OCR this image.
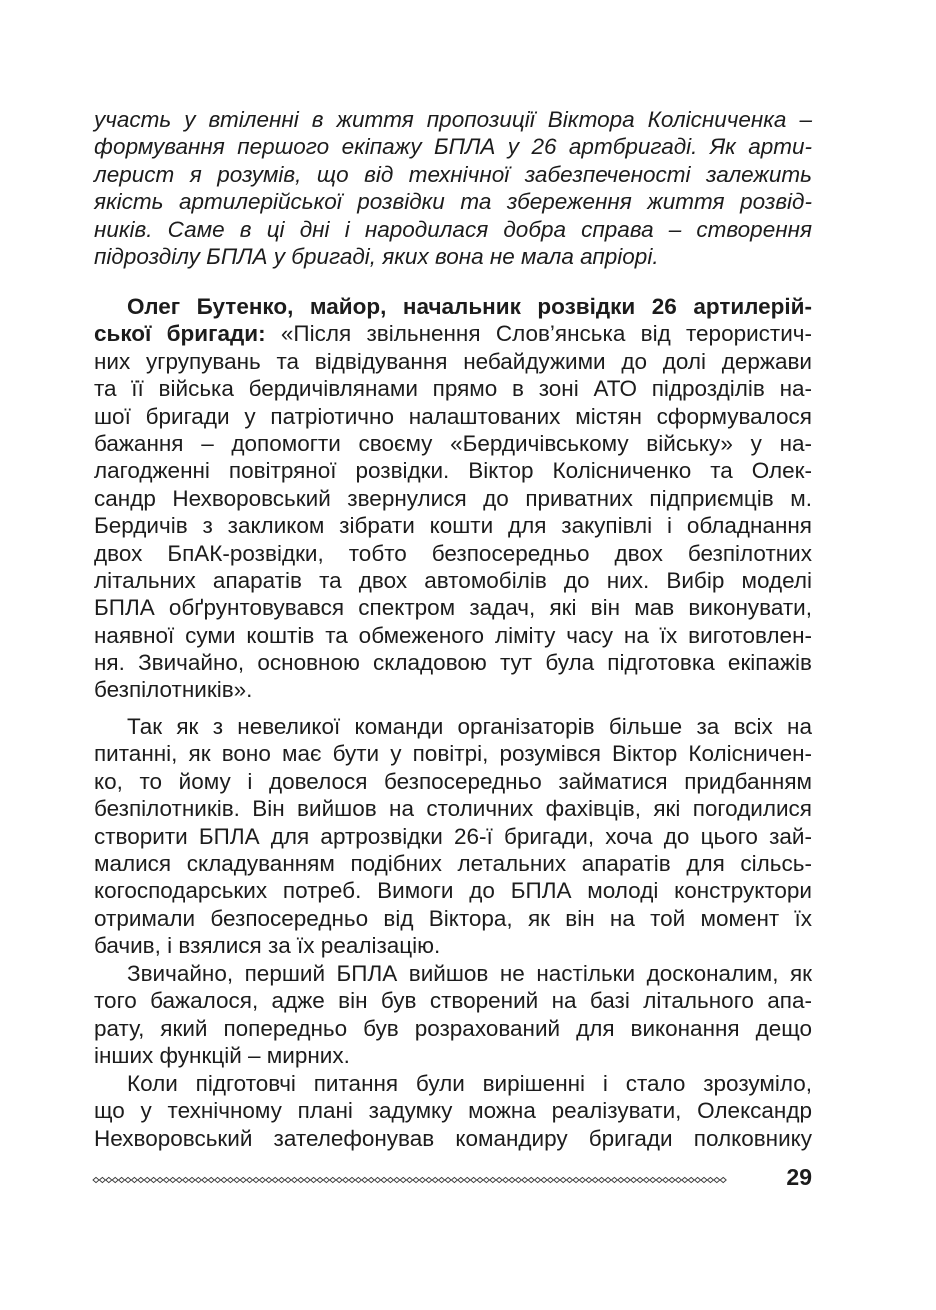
участь у втіленні в життя пропозиції Віктора Колісниченка –
формування першого екіпажу БПЛА у 26 артбригаді. Як арти-
лерист я розумів, що від технічної забезпеченості залежить
якість артилерійської розвідки та збереження життя розвід-
ників. Саме в ці дні і народилася добра справа – створення
підрозділу БПЛА у бригаді, яких вона не мала апріорі.
Олег Бутенко, майор, начальник розвідки 26 артилерій-
ської бригади: «Після звільнення Слов’янська від терористич-
них угрупувань та відвідування небайдужими до долі держави
та її війська бердичівлянами прямо в зоні АТО підрозділів на-
шої бригади у патріотично налаштованих містян сформувалося
бажання – допомогти своєму «Бердичівському війську» у на-
лагодженні повітряної розвідки. Віктор Колісниченко та Олек-
сандр Нехворовський звернулися до приватних підприємців м.
Бердичів з закликом зібрати кошти для закупівлі і обладнання
двох БпАК-розвідки, тобто безпосередньо двох безпілотних
літальних апаратів та двох автомобілів до них. Вибір моделі
БПЛА обґрунтовувався спектром задач, які він мав виконувати,
наявної суми коштів та обмеженого ліміту часу на їх виготовлен-
ня. Звичайно, основною складовою тут була підготовка екіпажів
безпілотників».
Так як з невеликої команди організаторів більше за всіх на
питанні, як воно має бути у повітрі, розумівся Віктор Колісничен-
ко, то йому і довелося безпосередньо займатися придбанням
безпілотників. Він вийшов на столичних фахівців, які погодилися
створити БПЛА для артрозвідки 26-ї бригади, хоча до цього зай-
малися складуванням подібних летальних апаратів для сільсь-
когосподарських потреб. Вимоги до БПЛА молоді конструктори
отримали безпосередньо від Віктора, як він на той момент їх
бачив, і взялися за їх реалізацію.
Звичайно, перший БПЛА вийшов не настільки досконалим, як
того бажалося, адже він був створений на базі літального апа-
рату, який попередньо був розрахований для виконання дещо
інших функцій – мирних.
Коли підготовчі питання були вирішенні і стало зрозуміло,
що у технічному плані задумку можна реалізувати, Олександр
Нехворовський зателефонував командиру бригади полковнику
29
